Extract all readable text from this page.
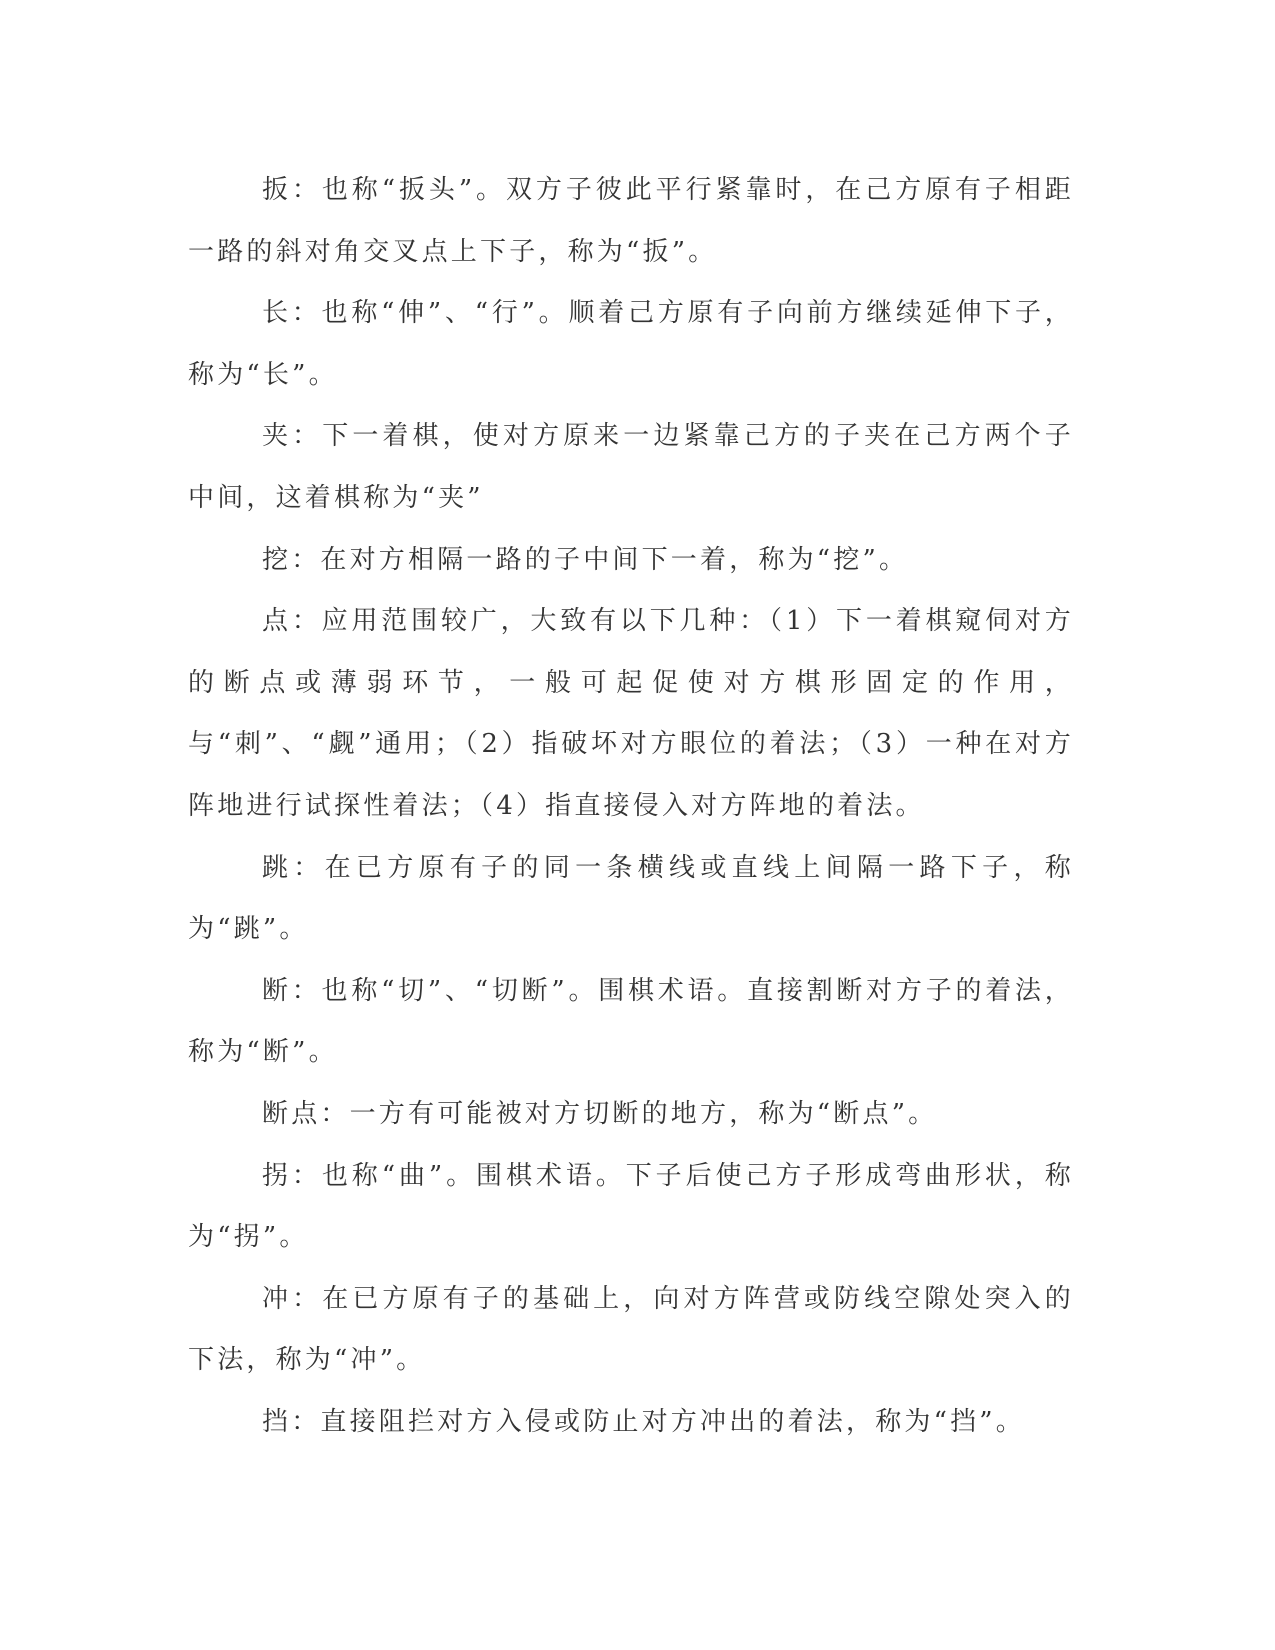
扳：也称“扳头”。双方子彼此平行紧靠时，在己方原有子相距一路的斜对角交叉点上下子，称为“扳”。

长：也称“伸”、“行”。顺着己方原有子向前方继续延伸下子，称为“长”。

夹：下一着棋，使对方原来一边紧靠己方的子夹在己方两个子中间，这着棋称为“夹”

挖：在对方相隔一路的子中间下一着，称为“挖”。

点：应用范围较广，大致有以下几种：（1）下一着棋窥伺对方的断点或薄弱环节，一般可起促使对方棋形固定的作用，与“刺”、“觑”通用；（2）指破坏对方眼位的着法；（3）一种在对方阵地进行试探性着法；（4）指直接侵入对方阵地的着法。

跳：在已方原有子的同一条横线或直线上间隔一路下子，称为“跳”。

断：也称“切”、“切断”。围棋术语。直接割断对方子的着法，称为“断”。

断点：一方有可能被对方切断的地方，称为“断点”。

拐：也称“曲”。围棋术语。下子后使己方子形成弯曲形状，称为“拐”。

冲：在已方原有子的基础上，向对方阵营或防线空隙处突入的下法，称为“冲”。

挡：直接阻拦对方入侵或防止对方冲出的着法，称为“挡”。
